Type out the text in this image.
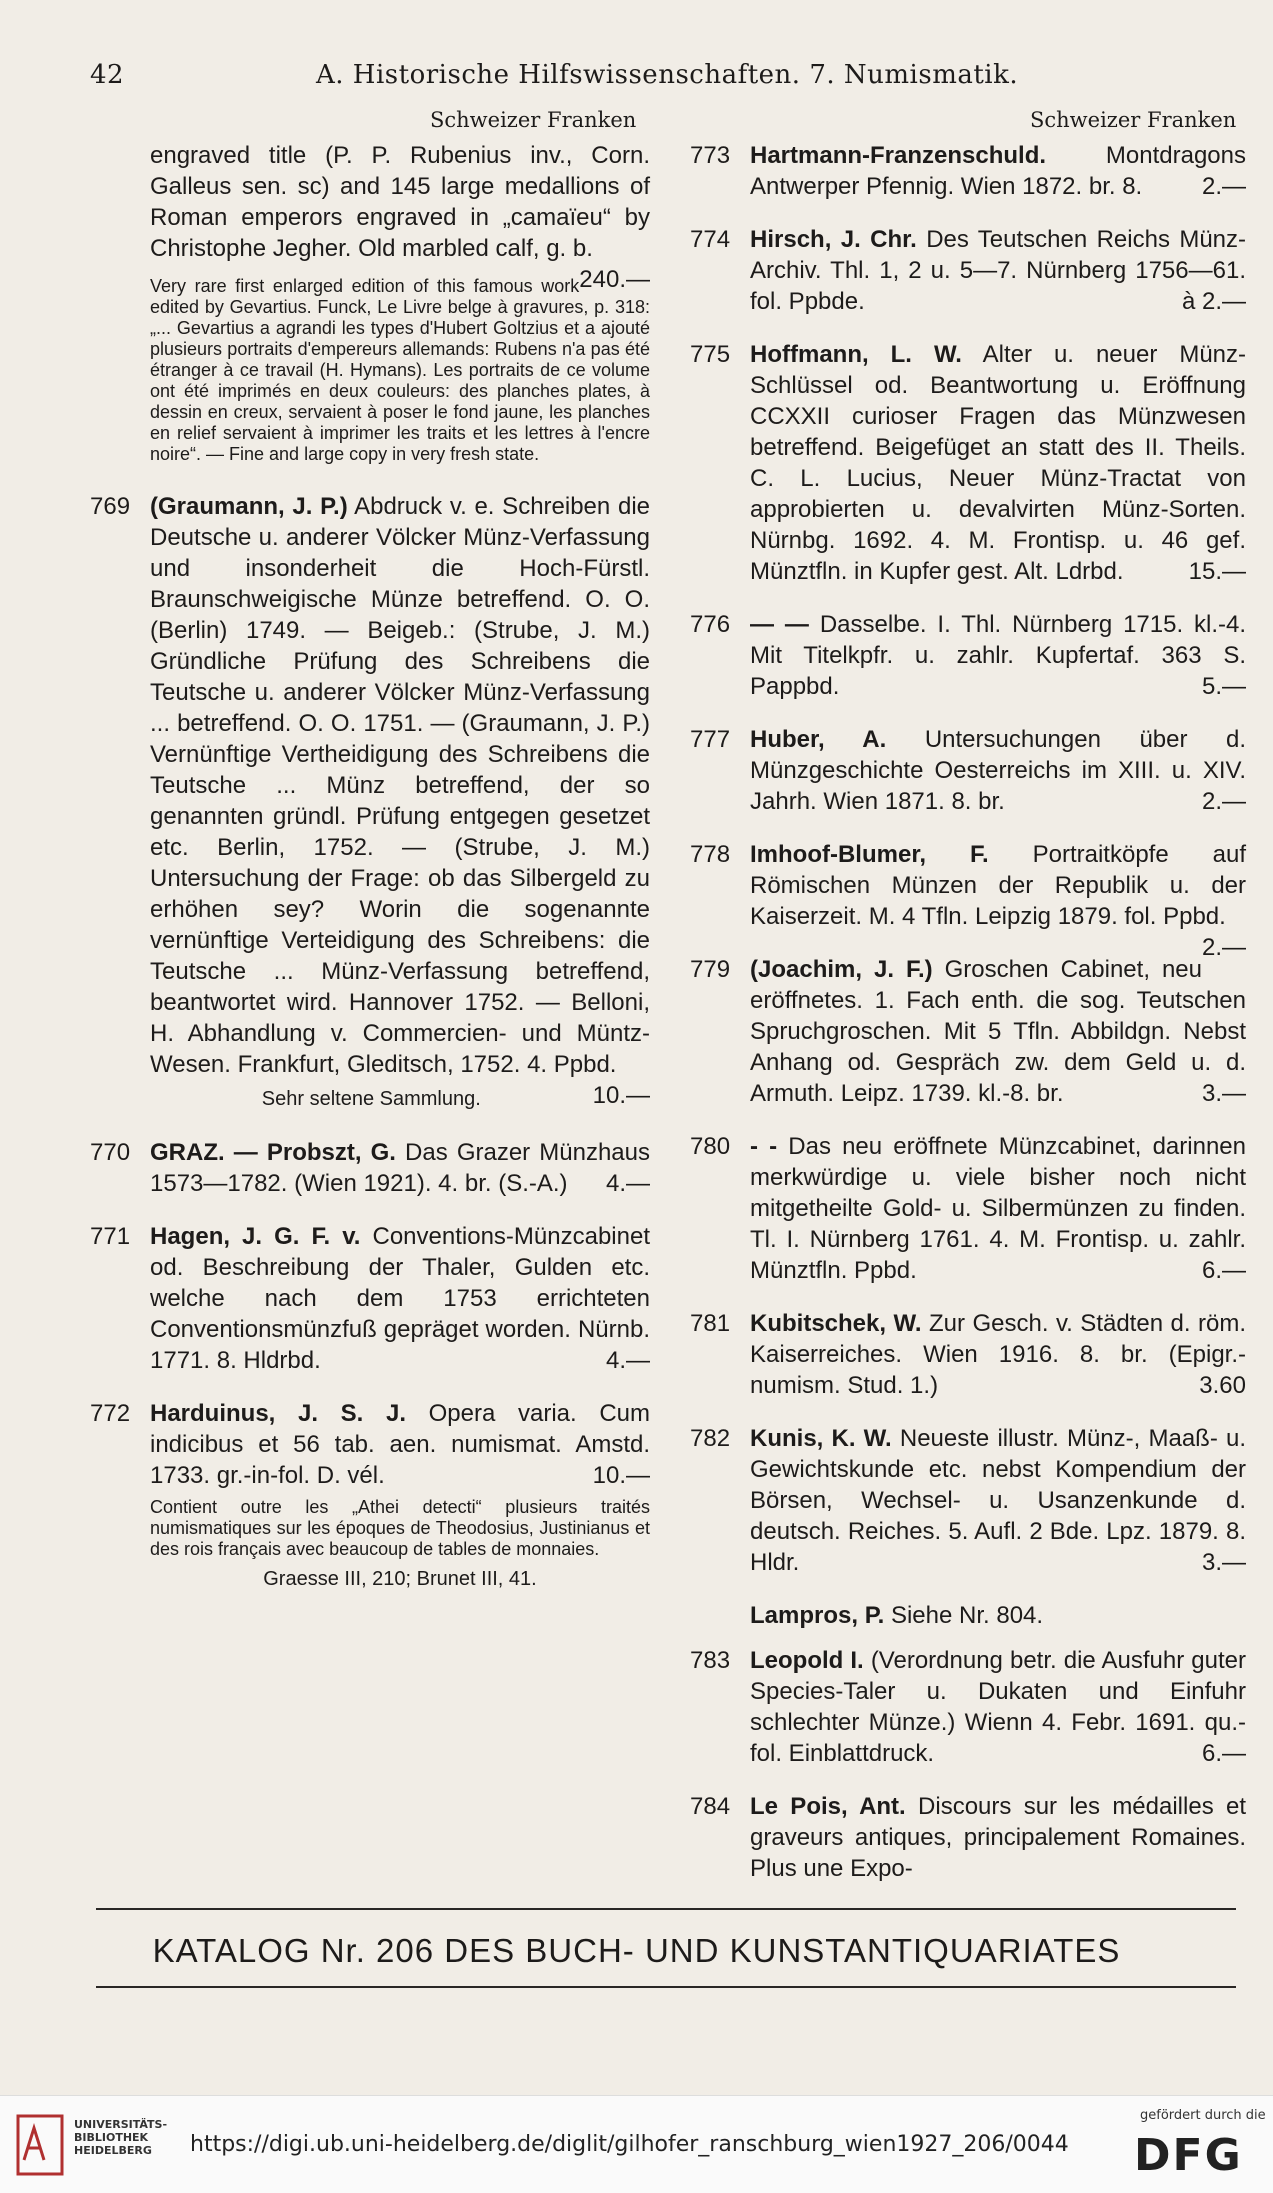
42	A. Historische Hilfswissenschaften. 7. Numismatik.
Schweizer Franken	Schweizer Franken
engraved title (P. P. Rubenius inv., Corn. Galleus sen. sc) and 145 large medallions of Roman emperors engraved in „camaïeu“ by Christophe Jegher. Old marbled calf, g. b.
240.—
Very rare first enlarged edition of this famous work edited by Gevartius. Funck, Le Livre belge à gravures, p. 318: „... Gevartius a agrandi les types d'Hubert Goltzius et a ajouté plusieurs portraits d'empereurs allemands: Rubens n'a pas été étranger à ce travail (H. Hymans). Les portraits de ce volume ont été imprimés en deux couleurs: des planches plates, à dessin en creux, servaient à poser le fond jaune, les planches en relief servaient à imprimer les traits et les lettres à l'encre noire“. — Fine and large copy in very fresh state.
769 (Graumann, J. P.) Abdruck v. e. Schreiben die Deutsche u. anderer Völcker Münz-Verfassung und insonderheit die Hoch-Fürstl. Braunschweigische Münze betreffend. O. O. (Berlin) 1749. — Beigeb.: (Strube, J. M.) Gründliche Prüfung des Schreibens die Teutsche u. anderer Völcker Münz-Verfassung ... betreffend. O. O. 1751. — (Graumann, J. P.) Vernünftige Vertheidigung des Schreibens die Teutsche ... Münz betreffend, der so genannten gründl. Prüfung entgegen gesetzet etc. Berlin, 1752. — (Strube, J. M.) Untersuchung der Frage: ob das Silbergeld zu erhöhen sey? Worin die sogenannte vernünftige Verteidigung des Schreibens: die Teutsche ... Münz-Verfassung betreffend, beantwortet wird. Hannover 1752. — Belloni, H. Abhandlung v. Commercien- und Müntz-Wesen. Frankfurt, Gleditsch, 1752. 4. Ppbd.
10.—
Sehr seltene Sammlung.
770 GRAZ. — Probszt, G. Das Grazer Münzhaus 1573—1782. (Wien 1921). 4. br. (S.-A.) 4.—
771 Hagen, J. G. F. v. Conventions-Münzcabinet od. Beschreibung der Thaler, Gulden etc. welche nach dem 1753 errichteten Conventionsmünzfuß gepräget worden. Nürnb. 1771. 8. Hldrbd.	4.—
772 Harduinus, J. S. J. Opera varia. Cum indicibus et 56 tab. aen. numismat. Amstd. 1733. gr.-in-fol. D. vél.	10.—
Contient outre les „Athei detecti“ plusieurs traités numismatiques sur les époques de Theodosius, Justinianus et des rois français avec beaucoup de tables de monnaies.
Graesse III, 210; Brunet III, 41.
773 Hartmann-Franzenschuld. Montdragons Antwerper Pfennig. Wien 1872. br. 8. 2.—
774 Hirsch, J. Chr. Des Teutschen Reichs Münz-Archiv. Thl. 1, 2 u. 5—7. Nürnberg 1756—61. fol. Ppbde.	à 2.—
775 Hoffmann, L. W. Alter u. neuer Münz-Schlüssel od. Beantwortung u. Eröffnung CCXXII curioser Fragen das Münzwesen betreffend. Beigefüget an statt des II. Theils. C. L. Lucius, Neuer Münz-Tractat von approbierten u. devalvirten Münz-Sorten. Nürnbg. 1692. 4. M. Frontisp. u. 46 gef. Münztfln. in Kupfer gest. Alt. Ldrbd.	15.—
776 — — Dasselbe. I. Thl. Nürnberg 1715. kl.-4. Mit Titelkpfr. u. zahlr. Kupfertaf. 363 S. Pappbd.	5.—
777 Huber, A. Untersuchungen über d. Münzgeschichte Oesterreichs im XIII. u. XIV. Jahrh. Wien 1871. 8. br.	2.—
778 Imhoof-Blumer, F. Portraitköpfe auf Römischen Münzen der Republik u. der Kaiserzeit. M. 4 Tfln. Leipzig 1879. fol. Ppbd.
2.—
779 (Joachim, J. F.) Groschen Cabinet, neu eröffnetes. 1. Fach enth. die sog. Teutschen Spruchgroschen. Mit 5 Tfln. Abbildgn. Nebst Anhang od. Gespräch zw. dem Geld u. d. Armuth. Leipz. 1739. kl.-8. br.	3.—
780 - - Das neu eröffnete Münzcabinet, darinnen merkwürdige u. viele bisher noch nicht mitgetheilte Gold- u. Silbermünzen zu finden. Tl. I. Nürnberg 1761. 4. M. Frontisp. u. zahlr. Münztfln. Ppbd.	6.—
781 Kubitschek, W. Zur Gesch. v. Städten d. röm. Kaiserreiches. Wien 1916. 8. br. (Epigr.-numism. Stud. 1.)	3.60
782 Kunis, K. W. Neueste illustr. Münz-, Maaß- u. Gewichtskunde etc. nebst Kompendium der Börsen, Wechsel- u. Usanzenkunde d. deutsch. Reiches. 5. Aufl. 2 Bde. Lpz. 1879. 8. Hldr.	3.—
Lampros, P. Siehe Nr. 804.
783 Leopold I. (Verordnung betr. die Ausfuhr guter Species-Taler u. Dukaten und Einfuhr schlechter Münze.) Wienn 4. Febr. 1691. qu.-fol. Einblattdruck.	6.—
784 Le Pois, Ant. Discours sur les médailles et graveurs antiques, principalement Romaines. Plus une Expo-
KATALOG Nr. 206 DES BUCH- UND KUNSTANTIQUARIATES
UNIVERSITÄTS-
BIBLIOTHEK
HEIDELBERG	https://digi.ub.uni-heidelberg.de/diglit/gilhofer_ranschburg_wien1927_206/0044
gefördert durch die
DFG
